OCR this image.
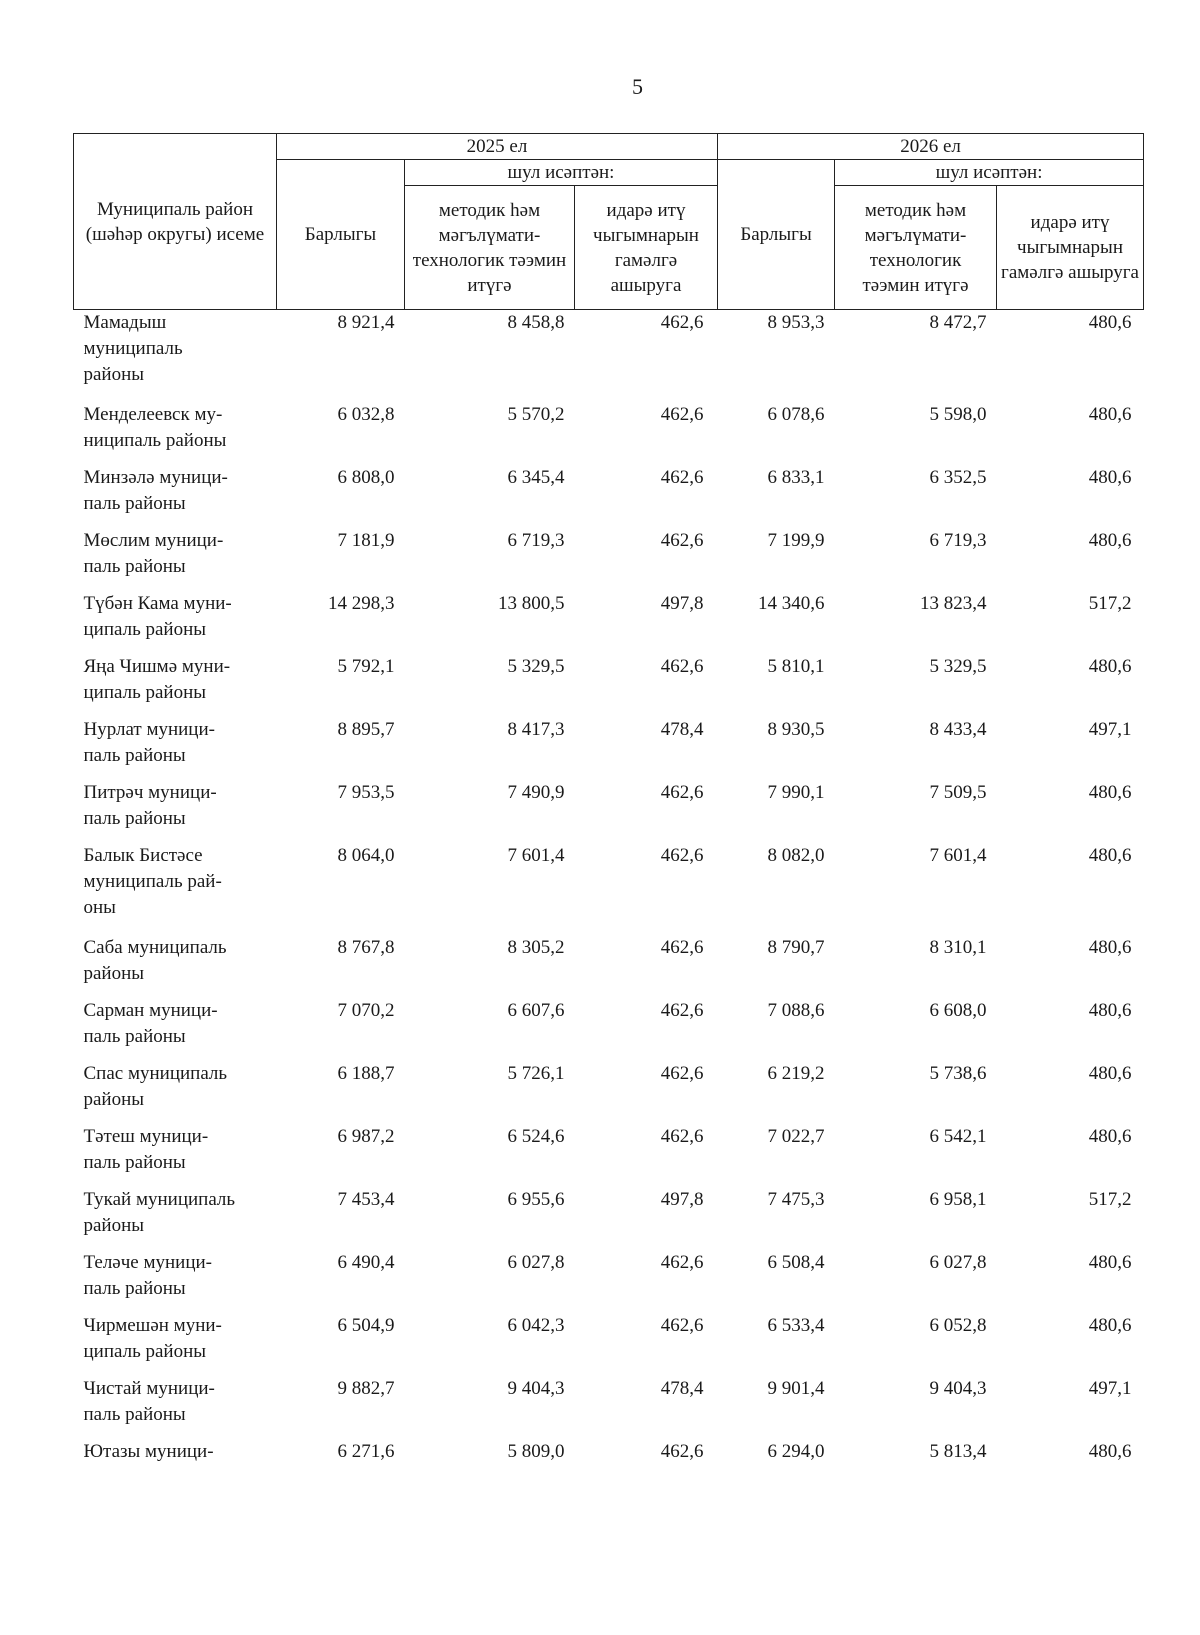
5
Муниципаль район (шәһәр округы) исеме	2025 ел			2026 ел		
	Барлыгы	шул исәптән:		Барлыгы	шул исәптән:	
		методик һәм мәгълүмати-технологик тәэмин итүгә	идарә итү чыгымнарын гамәлгә ашыруга		методик һәм мәгълүмати-технологик тәэмин итүгә	идарә итү чыгымнарын гамәлгә ашыруга
Мамадыш
муниципаль
районы	8 921,4	8 458,8	462,6	8 953,3	8 472,7	480,6
Менделеевск му-
ниципаль районы	6 032,8	5 570,2	462,6	6 078,6	5 598,0	480,6
Минзәлә муници-
паль районы	6 808,0	6 345,4	462,6	6 833,1	6 352,5	480,6
Мөслим муници-
паль районы	7 181,9	6 719,3	462,6	7 199,9	6 719,3	480,6
Түбән Кама муни-
ципаль районы	14 298,3	13 800,5	497,8	14 340,6	13 823,4	517,2
Яңа Чишмә муни-
ципаль районы	5 792,1	5 329,5	462,6	5 810,1	5 329,5	480,6
Нурлат муници-
паль районы	8 895,7	8 417,3	478,4	8 930,5	8 433,4	497,1
Питрәч муници-
паль районы	7 953,5	7 490,9	462,6	7 990,1	7 509,5	480,6
Балык Бистәсе
муниципаль рай-
оны	8 064,0	7 601,4	462,6	8 082,0	7 601,4	480,6
Саба муниципаль
районы	8 767,8	8 305,2	462,6	8 790,7	8 310,1	480,6
Сарман муници-
паль районы	7 070,2	6 607,6	462,6	7 088,6	6 608,0	480,6
Спас муниципаль
районы	6 188,7	5 726,1	462,6	6 219,2	5 738,6	480,6
Тәтеш муници-
паль районы	6 987,2	6 524,6	462,6	7 022,7	6 542,1	480,6
Тукай муниципаль
районы	7 453,4	6 955,6	497,8	7 475,3	6 958,1	517,2
Теләче муници-
паль районы	6 490,4	6 027,8	462,6	6 508,4	6 027,8	480,6
Чирмешән муни-
ципаль районы	6 504,9	6 042,3	462,6	6 533,4	6 052,8	480,6
Чистай муници-
паль районы	9 882,7	9 404,3	478,4	9 901,4	9 404,3	497,1
Ютазы муници-	6 271,6	5 809,0	462,6	6 294,0	5 813,4	480,6
